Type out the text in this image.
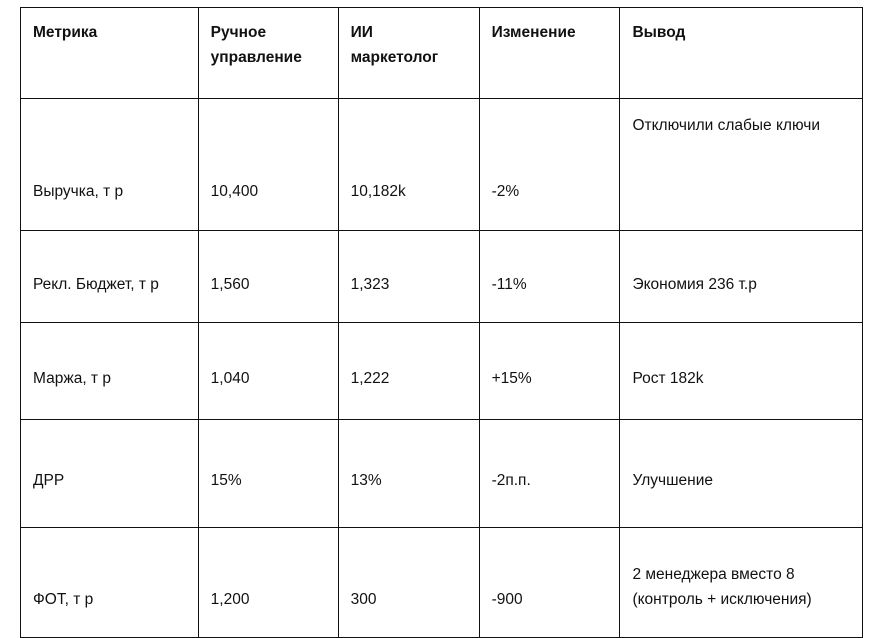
Метрика	Ручное управление	ИИ маркетолог	Изменение	Вывод
Выручка, т р	10,400	10,182k	-2%	Отключили слабые ключи
Рекл. Бюджет, т р	1,560	1,323	-11%	Экономия 236 т.р
Маржа, т р	1,040	1,222	+15%	Рост 182k
ДРР	15%	13%	-2п.п.	Улучшение
ФОТ, т р	1,200	300	-900	2 менеджера вместо 8 (контроль + исключения)
